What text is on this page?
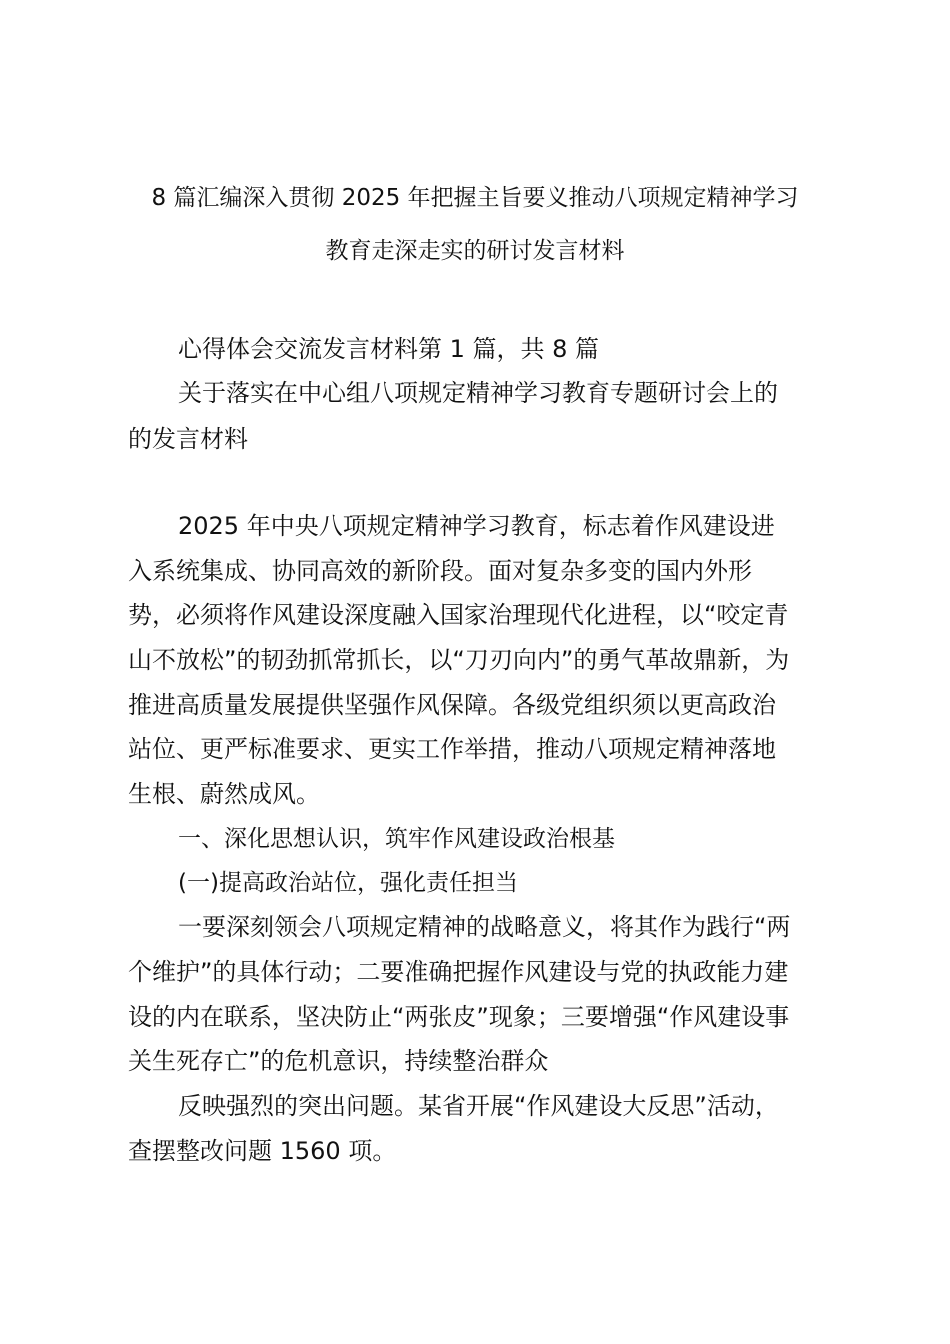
8 篇汇编深入贯彻 2025 年把握主旨要义推动八项规定精神学习
教育走深走实的研讨发言材料
心得体会交流发言材料第 1 篇，共 8 篇
关于落实在中心组八项规定精神学习教育专题研讨会上的
的发言材料
2025 年中央八项规定精神学习教育，标志着作风建设进
入系统集成、协同高效的新阶段。面对复杂多变的国内外形
势，必须将作风建设深度融入国家治理现代化进程，以“咬定青
山不放松”的韧劲抓常抓长，以“刀刃向内”的勇气革故鼎新，为
推进高质量发展提供坚强作风保障。各级党组织须以更高政治
站位、更严标准要求、更实工作举措，推动八项规定精神落地
生根、蔚然成风。
一、深化思想认识，筑牢作风建设政治根基
(一)提高政治站位，强化责任担当
一要深刻领会八项规定精神的战略意义，将其作为践行“两
个维护”的具体行动；二要准确把握作风建设与党的执政能力建
设的内在联系，坚决防止“两张皮”现象；三要增强“作风建设事
关生死存亡”的危机意识，持续整治群众
反映强烈的突出问题。某省开展“作风建设大反思”活动，
查摆整改问题 1560 项。
